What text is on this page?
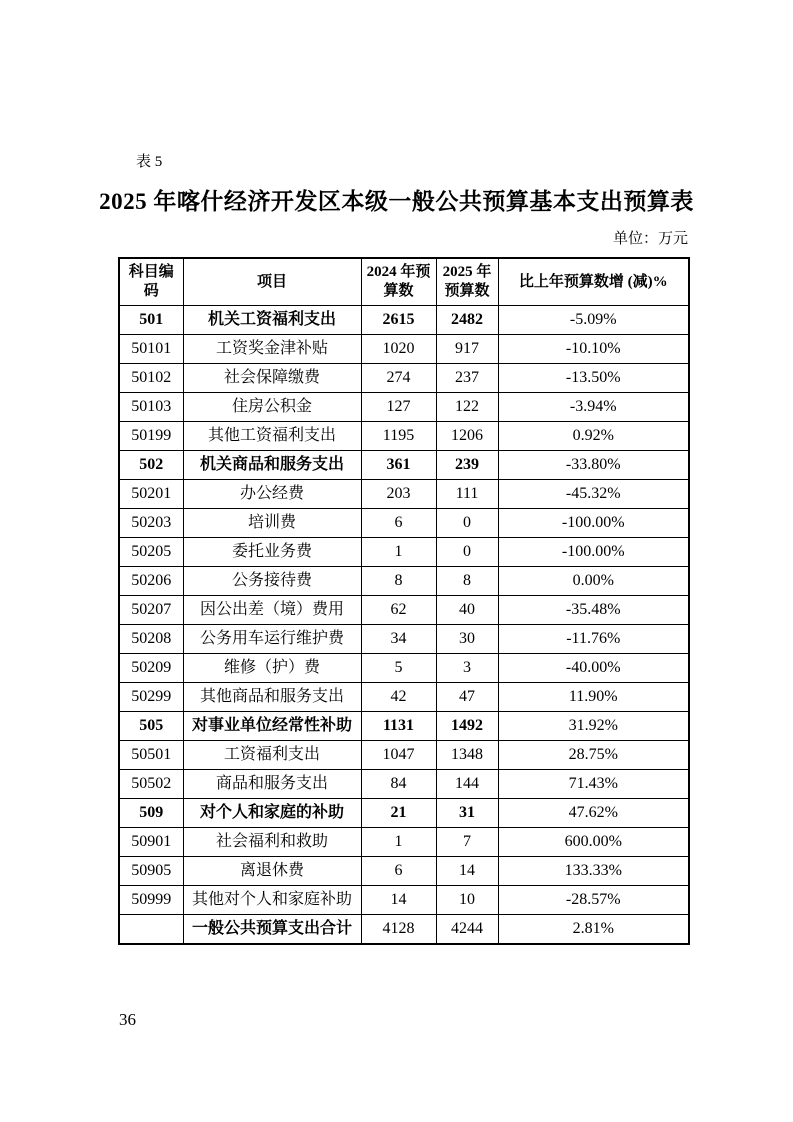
表 5
2025 年喀什经济开发区本级一般公共预算基本支出预算表
单位：万元
科目编码	项目	2024 年预算数	2025 年预算数	比上年预算数增 (减)%
501	机关工资福利支出	2615	2482	-5.09%
50101	工资奖金津补贴	1020	917	-10.10%
50102	社会保障缴费	274	237	-13.50%
50103	住房公积金	127	122	-3.94%
50199	其他工资福利支出	1195	1206	0.92%
502	机关商品和服务支出	361	239	-33.80%
50201	办公经费	203	111	-45.32%
50203	培训费	6	0	-100.00%
50205	委托业务费	1	0	-100.00%
50206	公务接待费	8	8	0.00%
50207	因公出差（境）费用	62	40	-35.48%
50208	公务用车运行维护费	34	30	-11.76%
50209	维修（护）费	5	3	-40.00%
50299	其他商品和服务支出	42	47	11.90%
505	对事业单位经常性补助	1131	1492	31.92%
50501	工资福利支出	1047	1348	28.75%
50502	商品和服务支出	84	144	71.43%
509	对个人和家庭的补助	21	31	47.62%
50901	社会福利和救助	1	7	600.00%
50905	离退休费	6	14	133.33%
50999	其他对个人和家庭补助	14	10	-28.57%
	一般公共预算支出合计	4128	4244	2.81%
36
